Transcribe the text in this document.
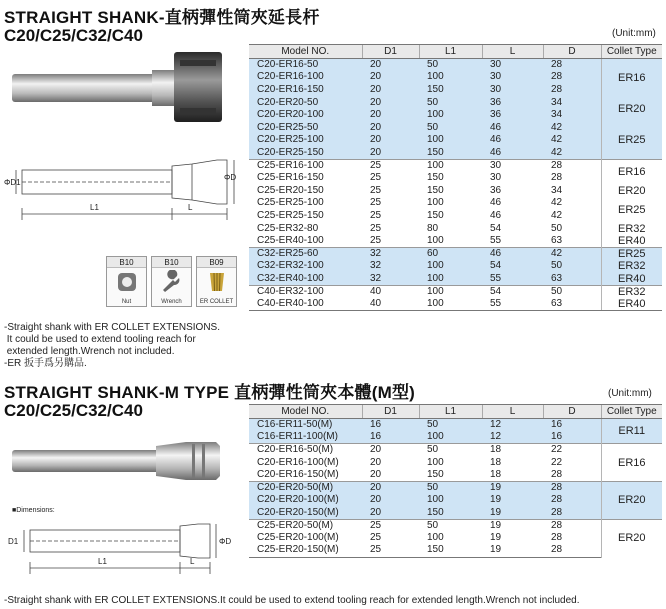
STRAIGHT SHANK-直柄彈性筒夾延長杆
C20/C25/C32/C40	(Unit:mm)
ΦD1
ΦD
L1	L
B10
Nut
B10
Wrench
B09
ER COLLET
-Straight shank with ER COLLET EXTENSIONS.
It could be used to extend tooling reach for
extended length.Wrench not included.
-ER 扳手爲另購品.
Model NO.	D1	L1	L	D	Collet Type
C20-ER16-50	20	50	30	28	ER16
C20-ER16-100	20	100	30	28	
C20-ER16-150	20	150	30	28	
C20-ER20-50	20	50	36	34	ER20
C20-ER20-100	20	100	36	34	
C20-ER25-50	20	50	46	42	ER25
C20-ER25-100	20	100	46	42	
C20-ER25-150	20	150	46	42	
C25-ER16-100	25	100	30	28	ER16
C25-ER16-150	25	150	30	28	
C25-ER20-150	25	150	36	34	ER20
C25-ER25-100	25	100	46	42	ER25
C25-ER25-150	25	150	46	42	
C25-ER32-80	25	80	54	50	ER32
C25-ER40-100	25	100	55	63	ER40
C32-ER25-60	32	60	46	42	ER25
C32-ER32-100	32	100	54	50	ER32
C32-ER40-100	32	100	55	63	ER40
C40-ER32-100	40	100	54	50	ER32
C40-ER40-100	40	100	55	63	ER40
STRAIGHT SHANK-M TYPE 直柄彈性筒夾本體(M型)
C20/C25/C32/C40
(Unit:mm)
■Dimensions:
D1	ΦD
L1	L
Model NO.	D1	L1	L	D	Collet Type
C16-ER11-50(M)	16	50	12	16	ER11
C16-ER11-100(M)	16	100	12	16	
C20-ER16-50(M)	20	50	18	22	ER16
C20-ER16-100(M)	20	100	18	22	
C20-ER16-150(M)	20	150	18	28	
C20-ER20-50(M)	20	50	19	28	ER20
C20-ER20-100(M)	20	100	19	28	
C20-ER20-150(M)	20	150	19	28	
C25-ER20-50(M)	25	50	19	28	ER20
C25-ER20-100(M)	25	100	19	28	
C25-ER20-150(M)	25	150	19	28	
-Straight shank with ER COLLET EXTENSIONS.It could be used to extend tooling reach for extended length.Wrench not included.
